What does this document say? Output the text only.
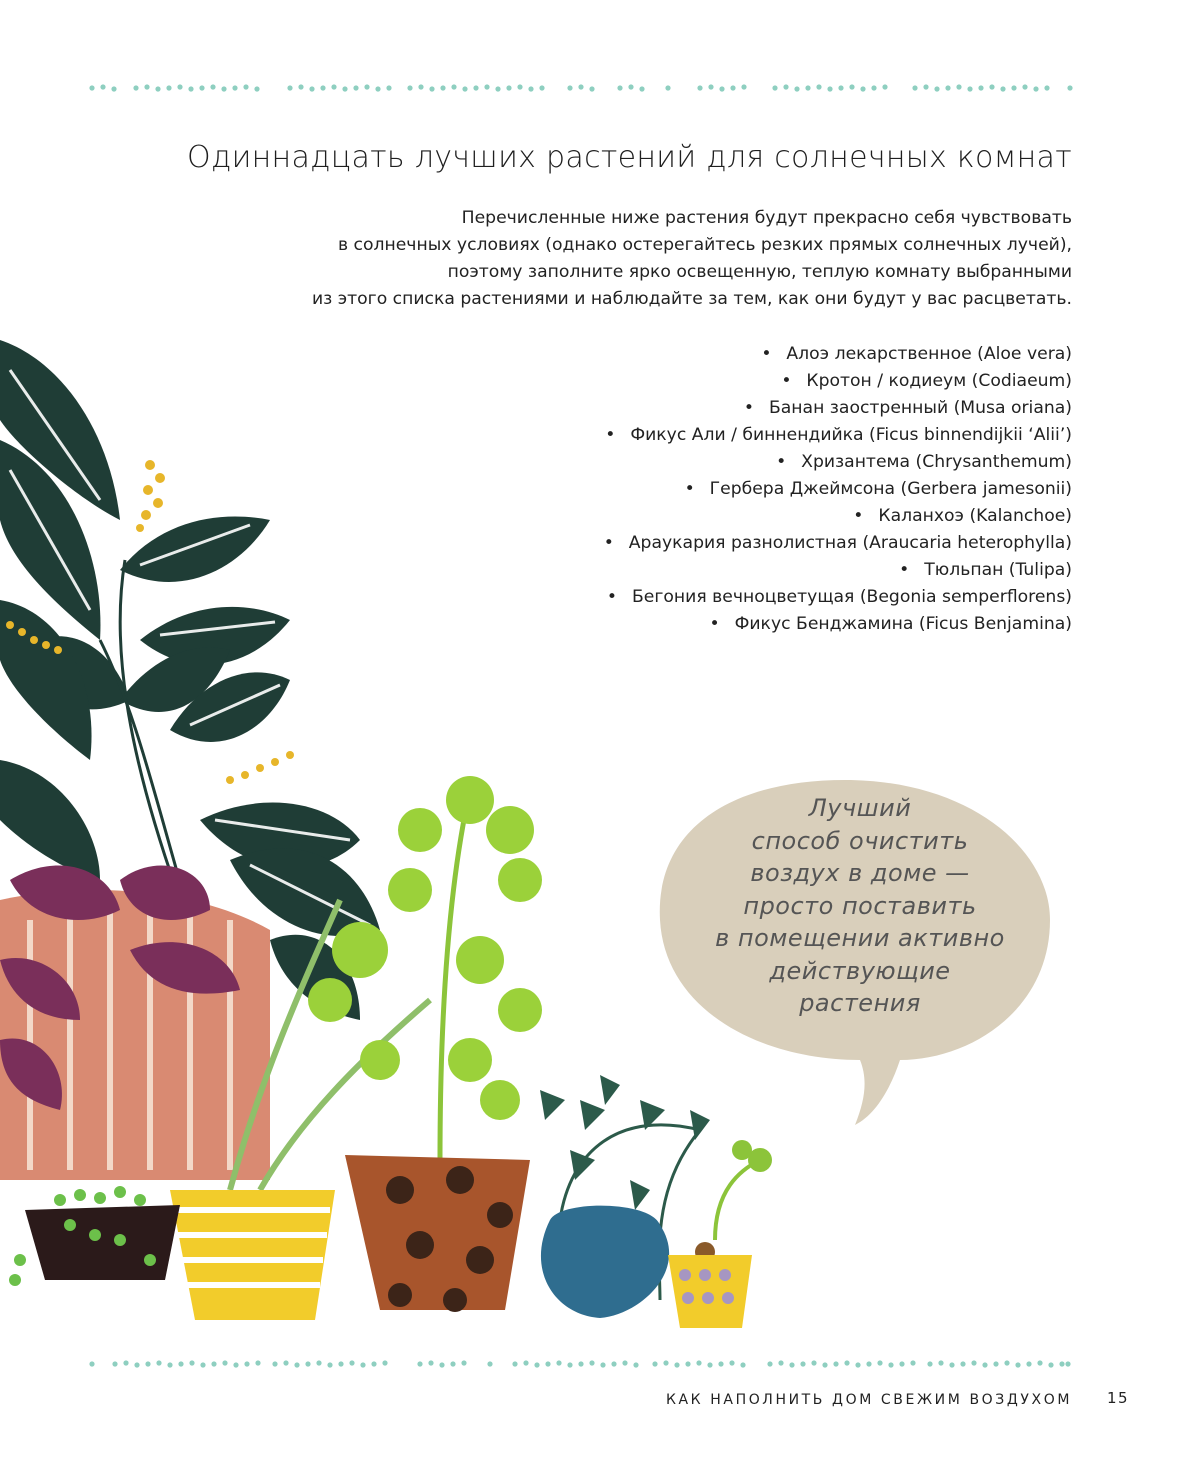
Одиннадцать лучших растений для солнечных комнат

Перечисленные ниже растения будут прекрасно себя чувствовать

в солнечных условиях (однако остерегайтесь резких прямых солнечных лучей),

поэтому заполните ярко освещенную, теплую комнату выбранными

из этого списка растениями и наблюдайте за тем, как они будут у вас расцветать.

• Алоэ лекарственное (Aloe vera)
• Кротон / кодиеум (Codiaeum)
• Банан заостренный (Musa oriana)
• Фикус Али / биннендийка (Ficus binnendijkii ‘Alii’)
• Хризантема (Chrysanthemum)
• Гербера Джеймсона (Gerbera jamesonii)
• Каланхоэ (Kalanchoe)
• Араукария разнолистная (Araucaria heterophylla)
• Тюльпан (Tulipa)
• Бегония вечноцветущая (Begonia semperflorens)
• Фикус Бенджамина (Ficus Benjamina)
Лучший
способ очистить
воздух в доме —
просто поставить
в помещении активно
действующие
растения
КАК НАПОЛНИТЬ ДОМ СВЕЖИМ ВОЗДУХОМ 15
